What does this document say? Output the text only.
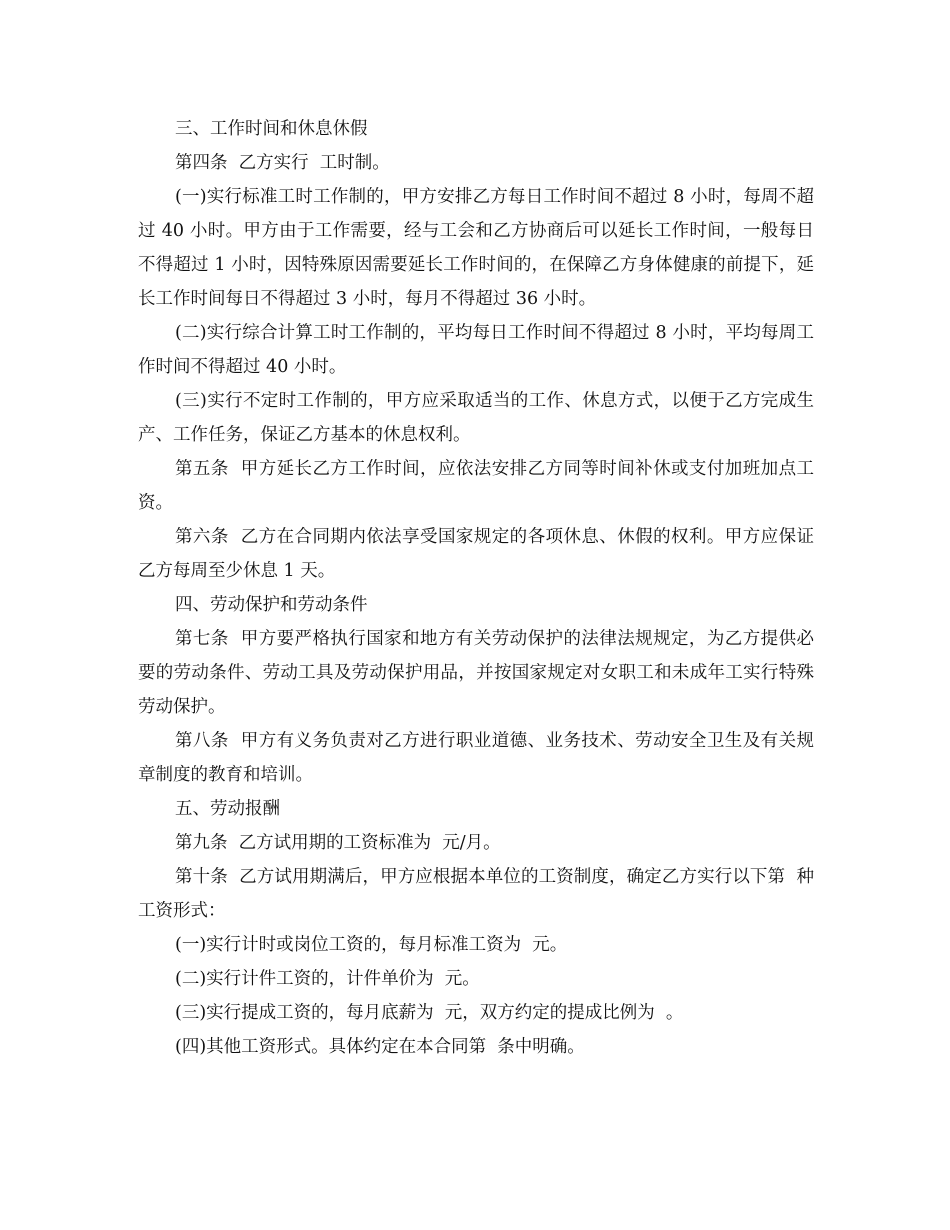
三、工作时间和休息休假

第四条  乙方实行  工时制。

(一)实行标准工时工作制的，甲方安排乙方每日工作时间不超过 8 小时，每周不超过 40 小时。甲方由于工作需要，经与工会和乙方协商后可以延长工作时间，一般每日不得超过 1 小时，因特殊原因需要延长工作时间的，在保障乙方身体健康的前提下，延长工作时间每日不得超过 3 小时，每月不得超过 36 小时。

(二)实行综合计算工时工作制的，平均每日工作时间不得超过 8 小时，平均每周工作时间不得超过 40 小时。

(三)实行不定时工作制的，甲方应采取适当的工作、休息方式，以便于乙方完成生产、工作任务，保证乙方基本的休息权利。

第五条  甲方延长乙方工作时间，应依法安排乙方同等时间补休或支付加班加点工资。

第六条  乙方在合同期内依法享受国家规定的各项休息、休假的权利。甲方应保证乙方每周至少休息 1 天。

四、劳动保护和劳动条件

第七条  甲方要严格执行国家和地方有关劳动保护的法律法规规定，为乙方提供必要的劳动条件、劳动工具及劳动保护用品，并按国家规定对女职工和未成年工实行特殊劳动保护。

第八条  甲方有义务负责对乙方进行职业道德、业务技术、劳动安全卫生及有关规章制度的教育和培训。

五、劳动报酬

第九条  乙方试用期的工资标准为  元/月。

第十条  乙方试用期满后，甲方应根据本单位的工资制度，确定乙方实行以下第  种工资形式：

(一)实行计时或岗位工资的，每月标准工资为  元。

(二)实行计件工资的，计件单价为  元。

(三)实行提成工资的，每月底薪为  元，双方约定的提成比例为  。

(四)其他工资形式。具体约定在本合同第  条中明确。
